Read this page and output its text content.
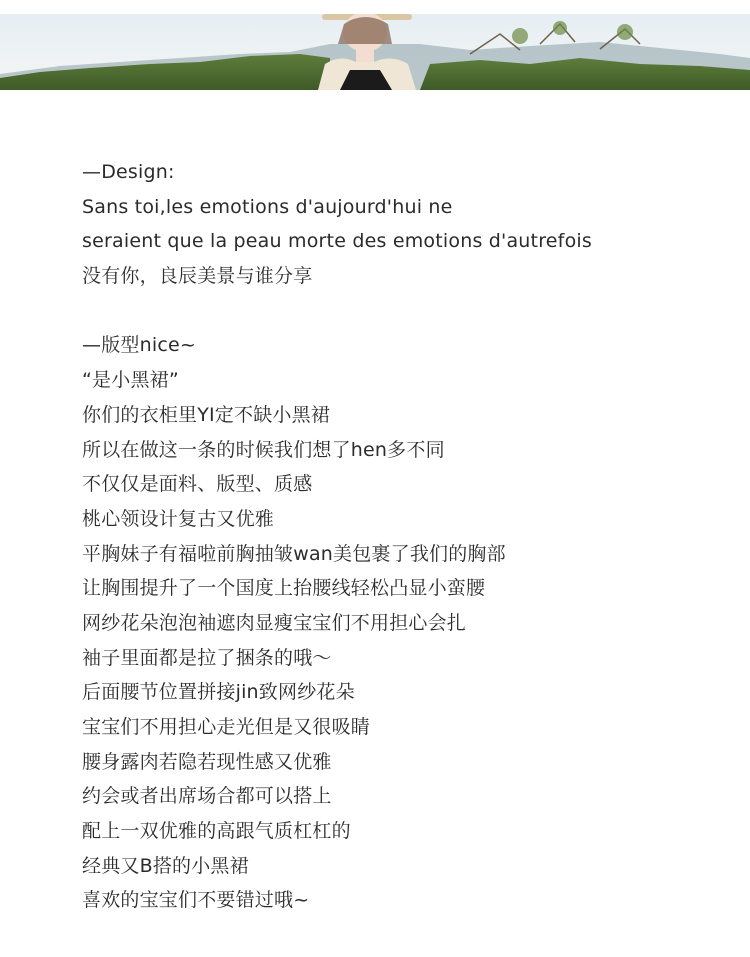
—Design:
Sans toi,les emotions d'aujourd'hui ne
seraient que la peau morte des emotions d'autrefois
没有你，良辰美景与谁分享
—版型nice~
“是小黑裙”
你们的衣柜里YI定不缺小黑裙
所以在做这一条的时候我们想了hen多不同
不仅仅是面料、版型、质感
桃心领设计复古又优雅
平胸妹子有福啦前胸抽皱wan美包裹了我们的胸部
让胸围提升了一个国度上抬腰线轻松凸显小蛮腰
网纱花朵泡泡袖遮肉显瘦宝宝们不用担心会扎
袖子里面都是拉了捆条的哦～
后面腰节位置拼接jin致网纱花朵
宝宝们不用担心走光但是又很吸睛
腰身露肉若隐若现性感又优雅
约会或者出席场合都可以搭上
配上一双优雅的高跟气质杠杠的
经典又B搭的小黑裙
喜欢的宝宝们不要错过哦~
